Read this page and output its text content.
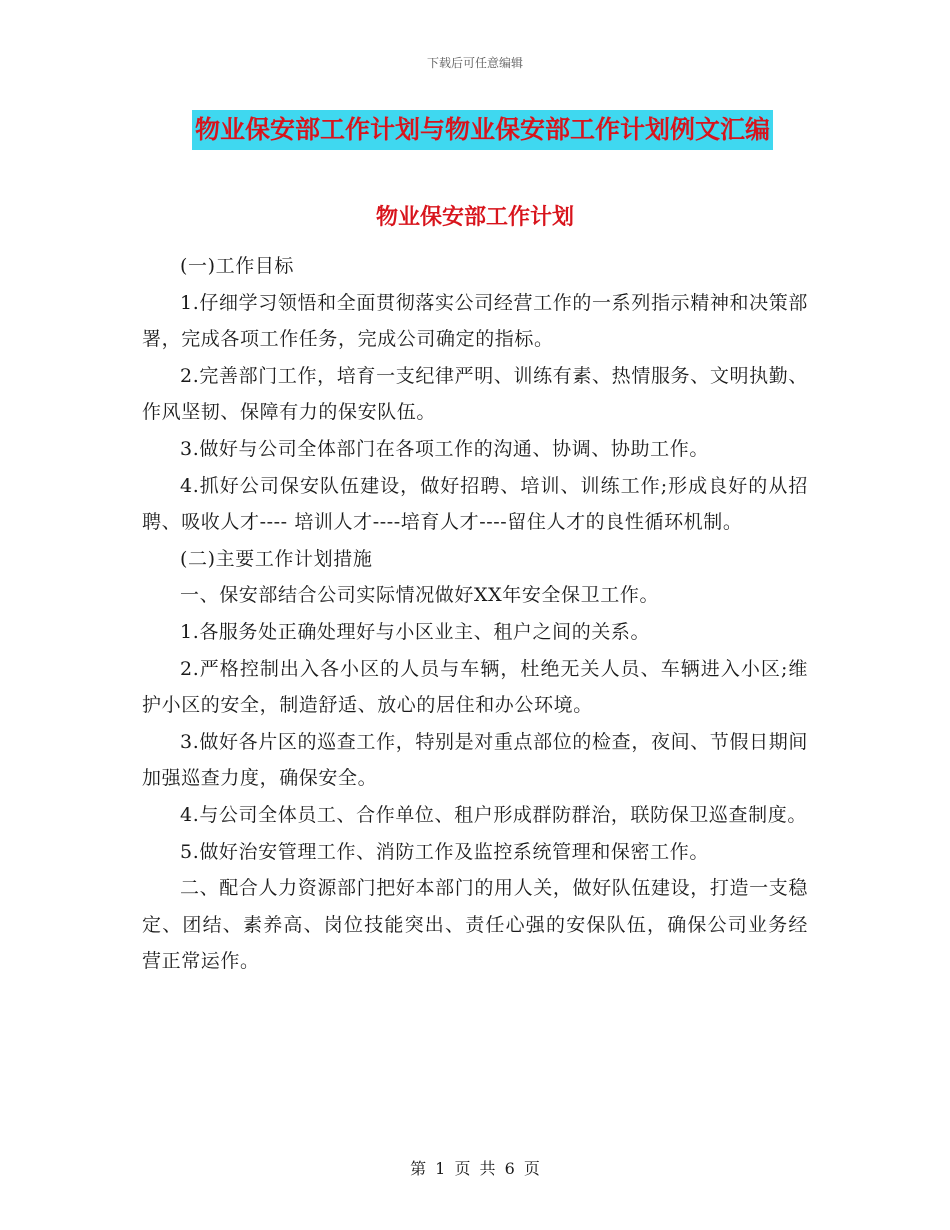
下载后可任意编辑
物业保安部工作计划与物业保安部工作计划例文汇编
物业保安部工作计划

(一)工作目标

1.仔细学习领悟和全面贯彻落实公司经营工作的一系列指示精神和决策部署，完成各项工作任务，完成公司确定的指标。

2.完善部门工作，培育一支纪律严明、训练有素、热情服务、文明执勤、作风坚韧、保障有力的保安队伍。

3.做好与公司全体部门在各项工作的沟通、协调、协助工作。

4.抓好公司保安队伍建设，做好招聘、培训、训练工作;形成良好的从招聘、吸收人才---- 培训人才----培育人才----留住人才的良性循环机制。

(二)主要工作计划措施

一、保安部结合公司实际情况做好XX年安全保卫工作。

1.各服务处正确处理好与小区业主、租户之间的关系。

2.严格控制出入各小区的人员与车辆，杜绝无关人员、车辆进入小区;维护小区的安全，制造舒适、放心的居住和办公环境。

3.做好各片区的巡查工作，特别是对重点部位的检查，夜间、节假日期间加强巡查力度，确保安全。

4.与公司全体员工、合作单位、租户形成群防群治，联防保卫巡查制度。

5.做好治安管理工作、消防工作及监控系统管理和保密工作。

二、配合人力资源部门把好本部门的用人关，做好队伍建设，打造一支稳定、团结、素养高、岗位技能突出、责任心强的安保队伍，确保公司业务经营正常运作。

第 1 页 共 6 页
